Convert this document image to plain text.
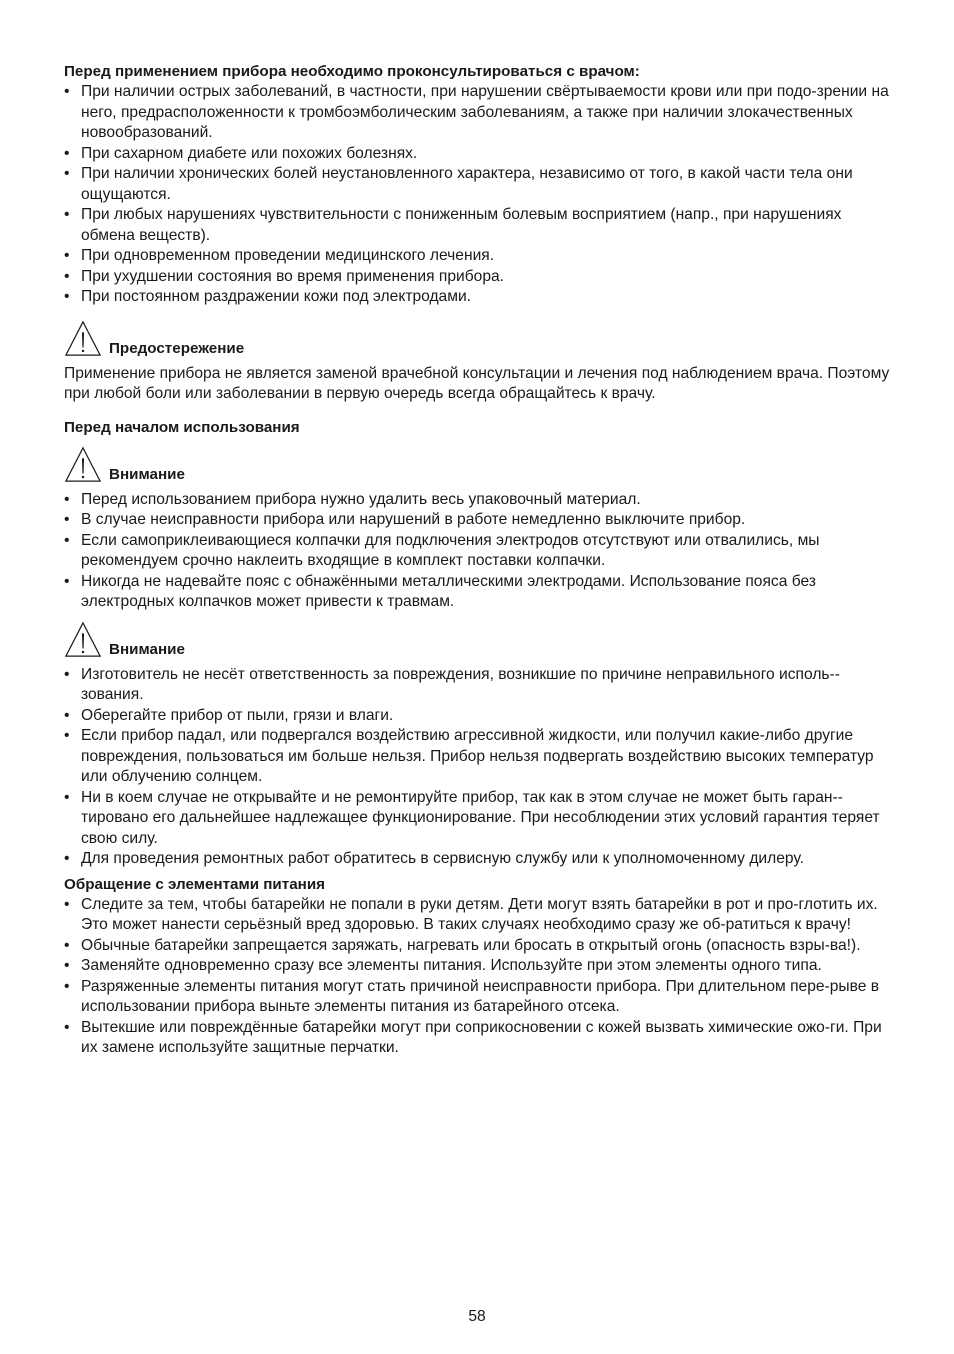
Перед применением прибора необходимо проконсультироваться с врачом:
• При наличии острых заболеваний, в частности, при нарушении свёртываемости крови или при подо-зрении на него, предрасположенности к тромбоэмболическим заболеваниям, а также при наличии злокачественных новообразований.
• При сахарном диабете или похожих болезнях.
• При наличии хронических болей неустановленного характера, независимо от того, в какой части тела они ощущаются.
• При любых нарушениях чувствительности с пониженным болевым восприятием (напр., при нарушениях обмена веществ).
• При одновременном проведении медицинского лечения.
• При ухудшении состояния во время применения прибора.
• При постоянном раздражении кожи под электродами.
Предостережение

Применение прибора не является заменой врачебной консультации и лечения под наблюдением врача. Поэтому при любой боли или заболевании в первую очередь всегда обращайтесь к врачу.

Перед началом использования
Внимание
• Перед использованием прибора нужно удалить весь упаковочный материал.
• В случае неисправности прибора или нарушений в работе немедленно выключите прибор.
• Если самоприклеивающиеся колпачки для подключения электродов отсутствуют или отвалились, мы рекомендуем срочно наклеить входящие в комплект поставки колпачки.
• Никогда не надевайте пояс с обнажёнными металлическими электродами. Использование пояса без электродных колпачков может привести к травмам.
Внимание
• Изготовитель не несёт ответственность за повреждения, возникшие по причине неправильного исполь-зования.
• Оберегайте прибор от пыли, грязи и влаги.
• Если прибор падал, или подвергался воздействию агрессивной жидкости, или получил какие-либо другие повреждения, пользоваться им больше нельзя. Прибор нельзя подвергать воздействию высоких температур или облучению солнцем.
• Ни в коем случае не открывайте и не ремонтируйте прибор, так как в этом случае не может быть гаран-тировано его дальнейшее надлежащее функционирование. При несоблюдении этих условий гарантия теряет свою силу.
• Для проведения ремонтных работ обратитесь в сервисную службу или к уполномоченному дилеру.
Обращение с элементами питания
• Следите за тем, чтобы батарейки не попали в руки детям. Дети могут взять батарейки в рот и про-глотить их. Это может нанести серьёзный вред здоровью. В таких случаях необходимо сразу же об-ратиться к врачу!
• Обычные батарейки запрещается заряжать, нагревать или бросать в открытый огонь (опасность взры-ва!).
• Заменяйте одновременно сразу все элементы питания. Используйте при этом элементы одного типа.
• Разряженные элементы питания могут стать причиной неисправности прибора. При длительном пере-рыве в использовании прибора выньте элементы питания из батарейного отсека.
• Вытекшие или повреждённые батарейки могут при соприкосновении с кожей вызвать химические ожо-ги. При их замене используйте защитные перчатки.
58
